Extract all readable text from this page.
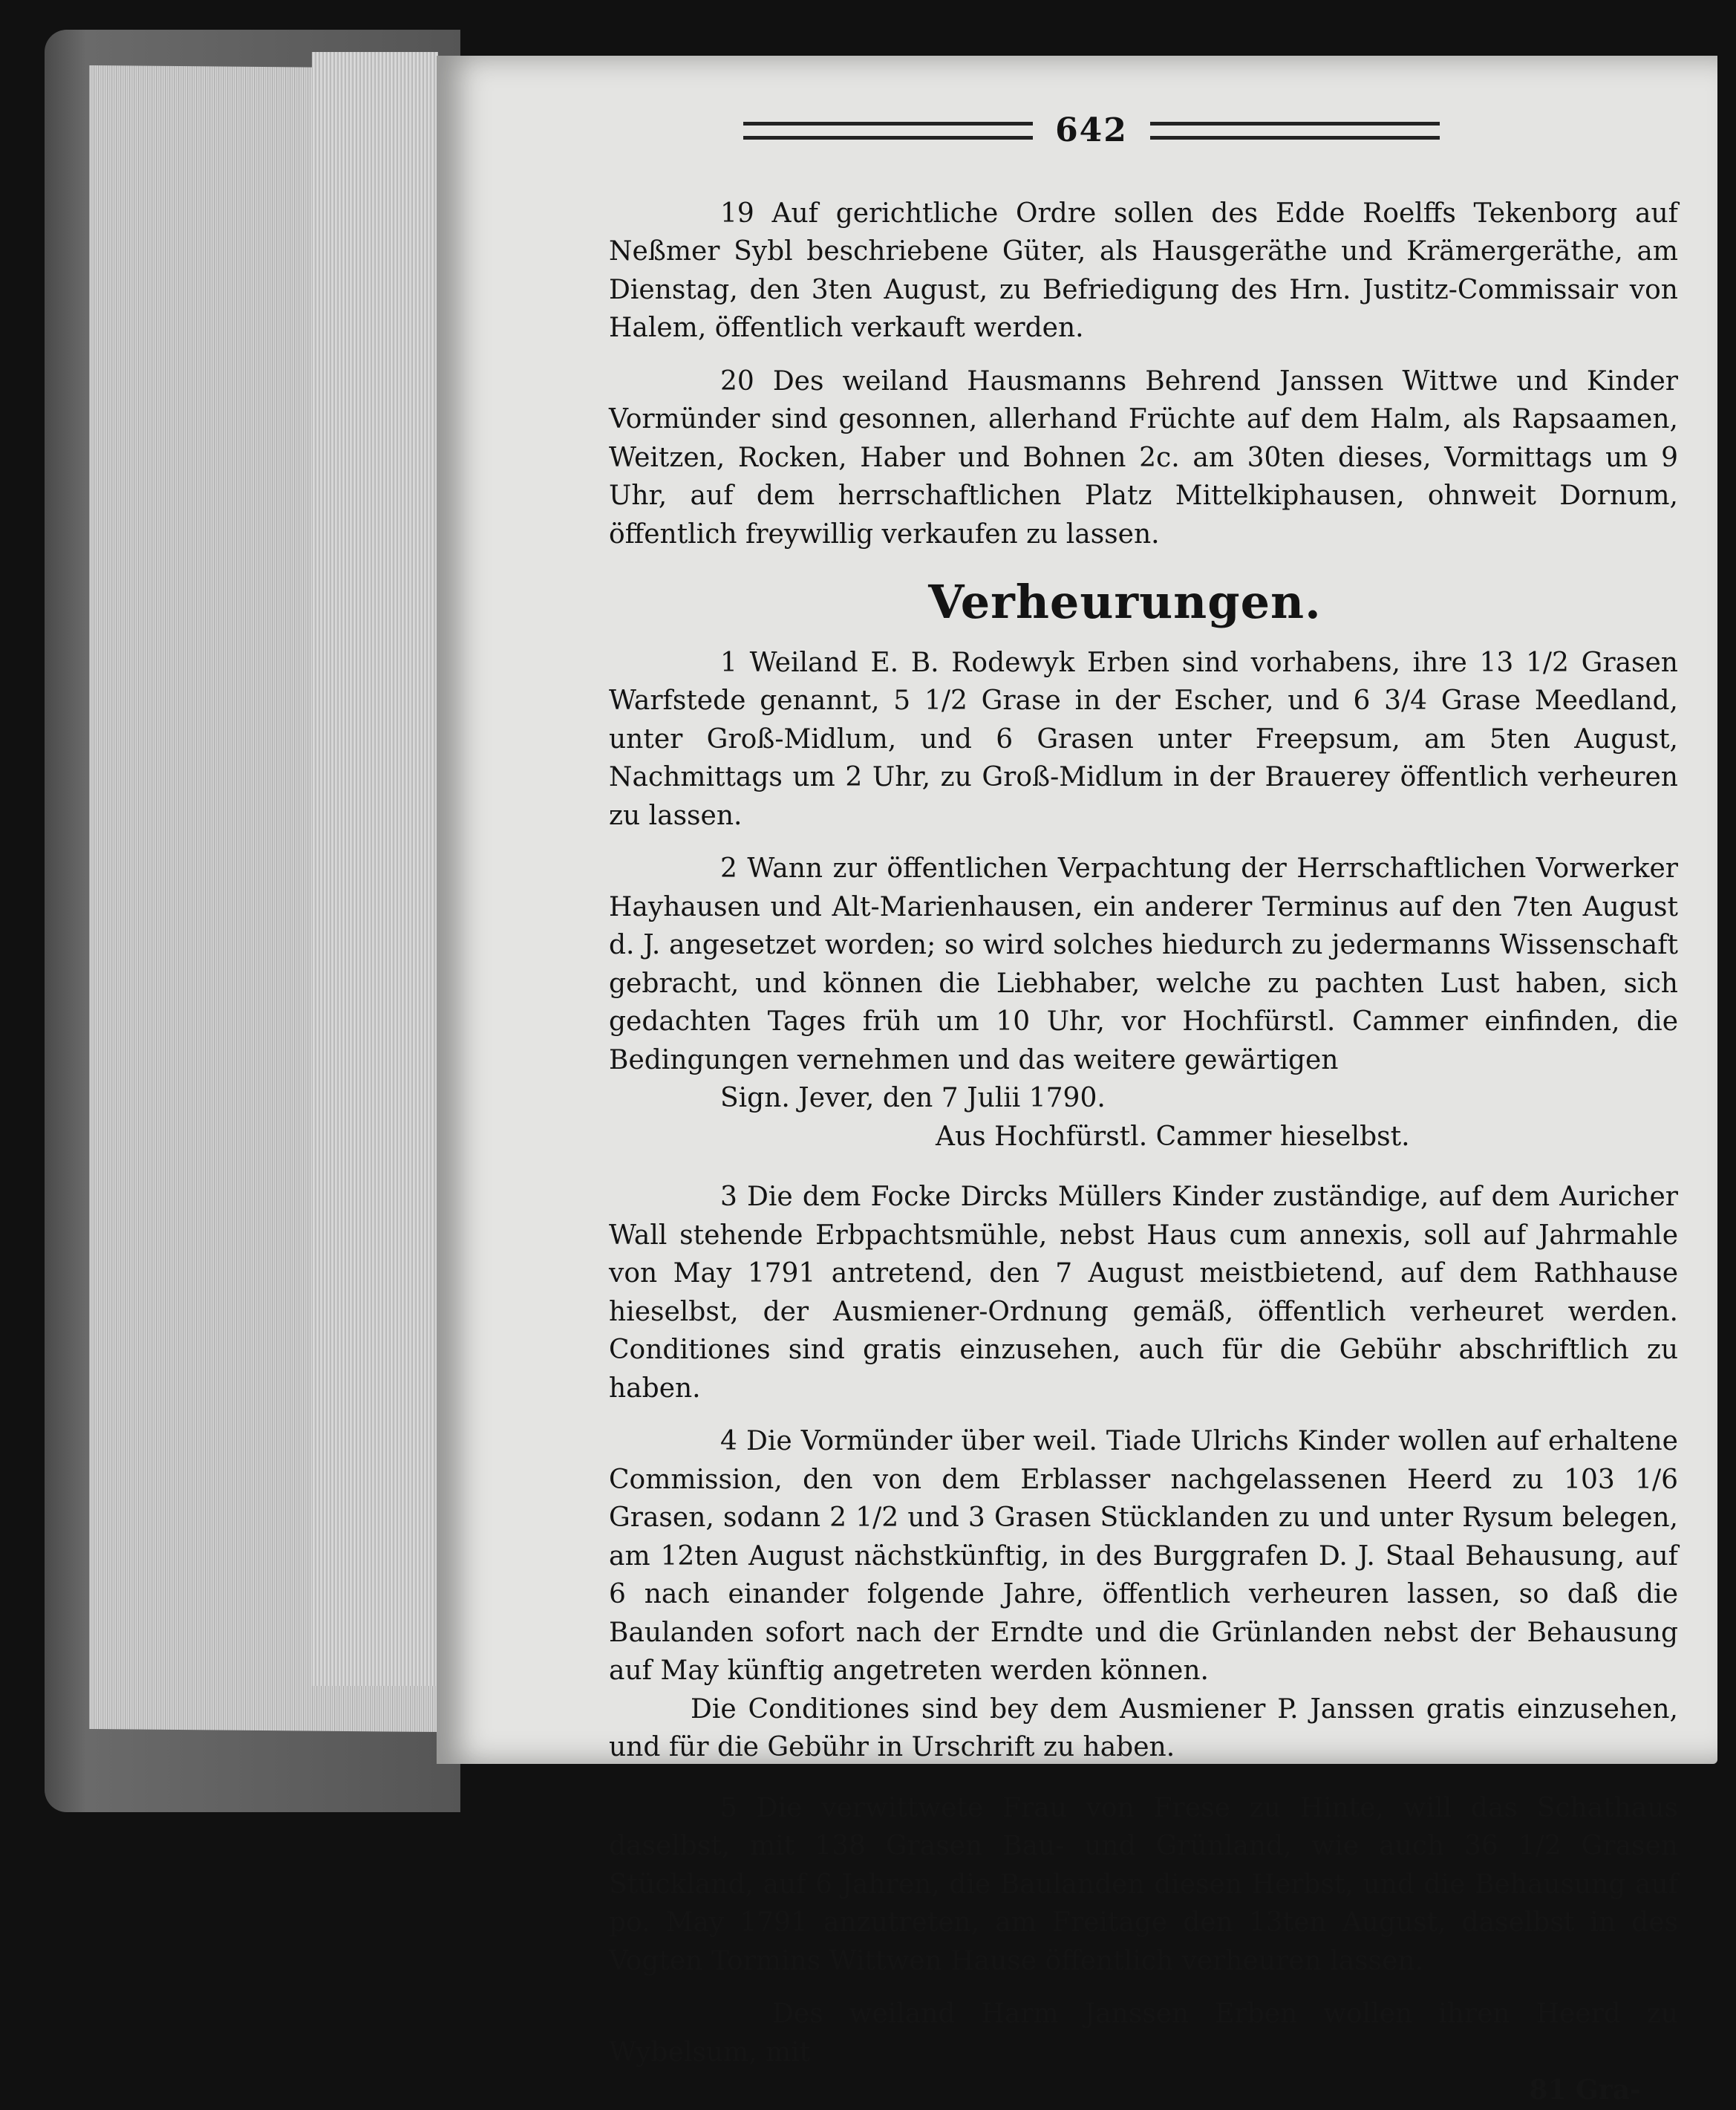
642

19 Auf gerichtliche Ordre sollen des Edde Roelffs Tekenborg auf Neßmer Sybl beschriebene Güter, als Hausgeräthe und Krämergeräthe, am Dienstag, den 3ten August, zu Befriedigung des Hrn. Justitz-Commissair von Halem, öffentlich verkauft werden.

20 Des weiland Hausmanns Behrend Janssen Wittwe und Kinder Vormünder sind gesonnen, allerhand Früchte auf dem Halm, als Rapsaamen, Weitzen, Rocken, Haber und Bohnen 2c. am 30ten dieses, Vormittags um 9 Uhr, auf dem herrschaftlichen Platz Mittelkiphausen, ohnweit Dornum, öffentlich freywillig verkaufen zu lassen.

Verheurungen.

1 Weiland E. B. Rodewyk Erben sind vorhabens, ihre 13 1/2 Grasen Warfstede genannt, 5 1/2 Grase in der Escher, und 6 3/4 Grase Meedland, unter Groß-Midlum, und 6 Grasen unter Freepsum, am 5ten August, Nachmittags um 2 Uhr, zu Groß-Midlum in der Brauerey öffentlich verheuren zu lassen.

2 Wann zur öffentlichen Verpachtung der Herrschaftlichen Vorwerker Hayhausen und Alt-Marienhausen, ein anderer Terminus auf den 7ten August d. J. angesetzet worden; so wird solches hiedurch zu jedermanns Wissenschaft gebracht, und können die Liebhaber, welche zu pachten Lust haben, sich gedachten Tages früh um 10 Uhr, vor Hochfürstl. Cammer einfinden, die Bedingungen vernehmen und das weitere gewärtigen

Sign. Jever, den 7 Julii 1790.

Aus Hochfürstl. Cammer hieselbst.

3 Die dem Focke Dircks Müllers Kinder zuständige, auf dem Auricher Wall stehende Erbpachtsmühle, nebst Haus cum annexis, soll auf Jahrmahle von May 1791 antretend, den 7 August meistbietend, auf dem Rathhause hieselbst, der Ausmiener-Ordnung gemäß, öffentlich verheuret werden. Conditiones sind gratis einzusehen, auch für die Gebühr abschriftlich zu haben.

4 Die Vormünder über weil. Tiade Ulrichs Kinder wollen auf erhaltene Commission, den von dem Erblasser nachgelassenen Heerd zu 103 1/6 Grasen, sodann 2 1/2 und 3 Grasen Stücklanden zu und unter Rysum belegen, am 12ten August nächstkünftig, in des Burggrafen D. J. Staal Behausung, auf 6 nach einander folgende Jahre, öffentlich verheuren lassen, so daß die Baulanden sofort nach der Erndte und die Grünlanden nebst der Behausung auf May künftig angetreten werden können.

Die Conditiones sind bey dem Ausmiener P. Janssen gratis einzusehen, und für die Gebühr in Urschrift zu haben.

5 Die verwittwete Frau von Frese zu Hinte, will das Schathaus daselbst, mit 138 Grasen Bau- und Grünland, wie auch 36 1/2 Grasen Stückland, auf 6 Jahren, die Baulanden diesen Herbst, und die Behausung auf po. May 1791 anzutreten, am Freitage den 13ten August, daselbst in des Vogten Tormins Wittwen Hause öffentlich verheuren lassen.

Des weiland Harm Janssen Erben wollen ihren Heerd zu Wybelsum, mit

81 Gra-
